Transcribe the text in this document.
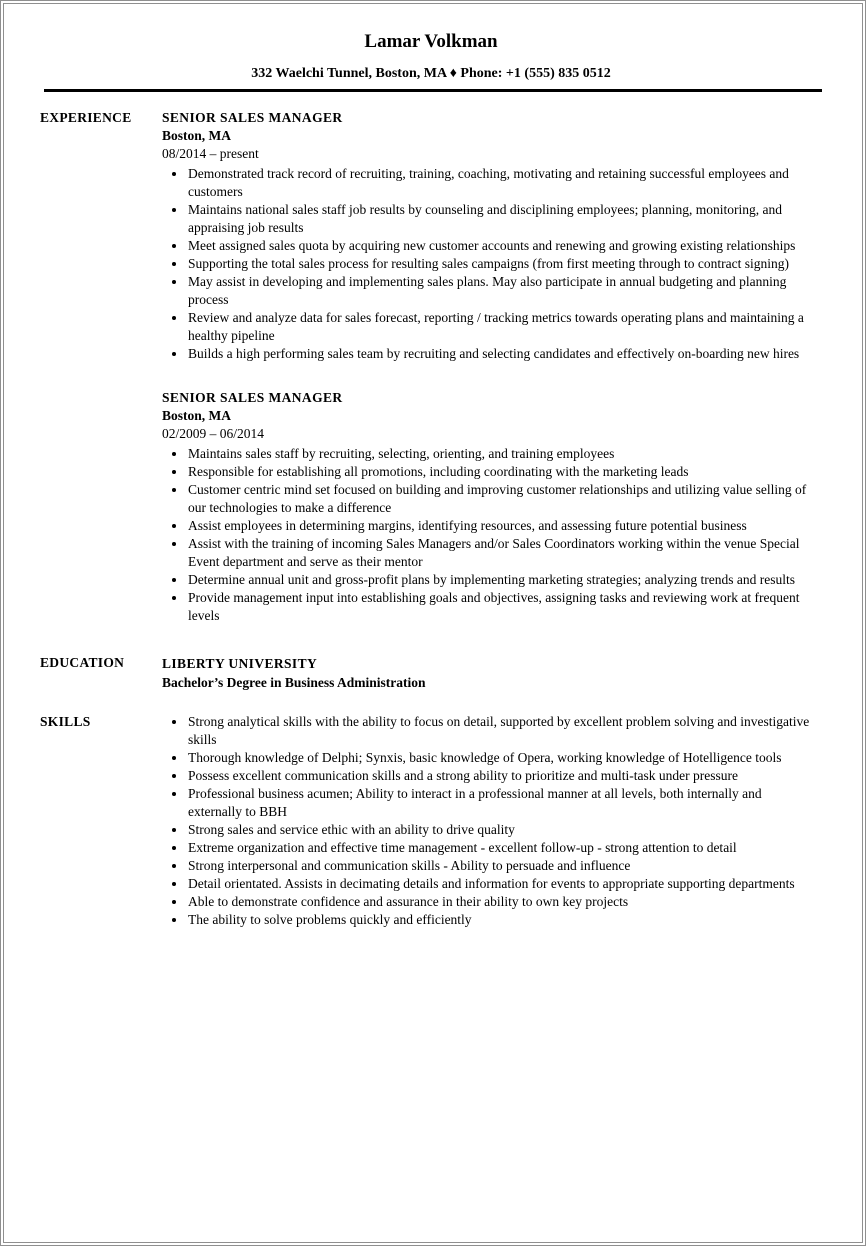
Lamar Volkman
332 Waelchi Tunnel, Boston, MA ♦ Phone: +1 (555) 835 0512
EXPERIENCE	SENIOR SALES MANAGER
Boston, MA
08/2014 – present
• Demonstrated track record of recruiting, training, coaching, motivating and retaining successful employees and customers
• Maintains national sales staff job results by counseling and disciplining employees; planning, monitoring, and appraising job results
• Meet assigned sales quota by acquiring new customer accounts and renewing and growing existing relationships
• Supporting the total sales process for resulting sales campaigns (from first meeting through to contract signing)
• May assist in developing and implementing sales plans. May also participate in annual budgeting and planning process
• Review and analyze data for sales forecast, reporting / tracking metrics towards operating plans and maintaining a healthy pipeline
• Builds a high performing sales team by recruiting and selecting candidates and effectively on-boarding new hires
SENIOR SALES MANAGER
Boston, MA
02/2009 – 06/2014
• Maintains sales staff by recruiting, selecting, orienting, and training employees
• Responsible for establishing all promotions, including coordinating with the marketing leads
• Customer centric mind set focused on building and improving customer relationships and utilizing value selling of our technologies to make a difference
• Assist employees in determining margins, identifying resources, and assessing future potential business
• Assist with the training of incoming Sales Managers and/or Sales Coordinators working within the venue Special Event department and serve as their mentor
• Determine annual unit and gross-profit plans by implementing marketing strategies; analyzing trends and results
• Provide management input into establishing goals and objectives, assigning tasks and reviewing work at frequent levels
EDUCATION	LIBERTY UNIVERSITY
Bachelor’s Degree in Business Administration
SKILLS	• Strong analytical skills with the ability to focus on detail, supported by excellent problem solving and investigative skills
• Thorough knowledge of Delphi; Synxis, basic knowledge of Opera, working knowledge of Hotelligence tools
• Possess excellent communication skills and a strong ability to prioritize and multi-task under pressure
• Professional business acumen; Ability to interact in a professional manner at all levels, both internally and externally to BBH
• Strong sales and service ethic with an ability to drive quality
• Extreme organization and effective time management - excellent follow-up - strong attention to detail
• Strong interpersonal and communication skills - Ability to persuade and influence
• Detail orientated. Assists in decimating details and information for events to appropriate supporting departments
• Able to demonstrate confidence and assurance in their ability to own key projects
• The ability to solve problems quickly and efficiently
